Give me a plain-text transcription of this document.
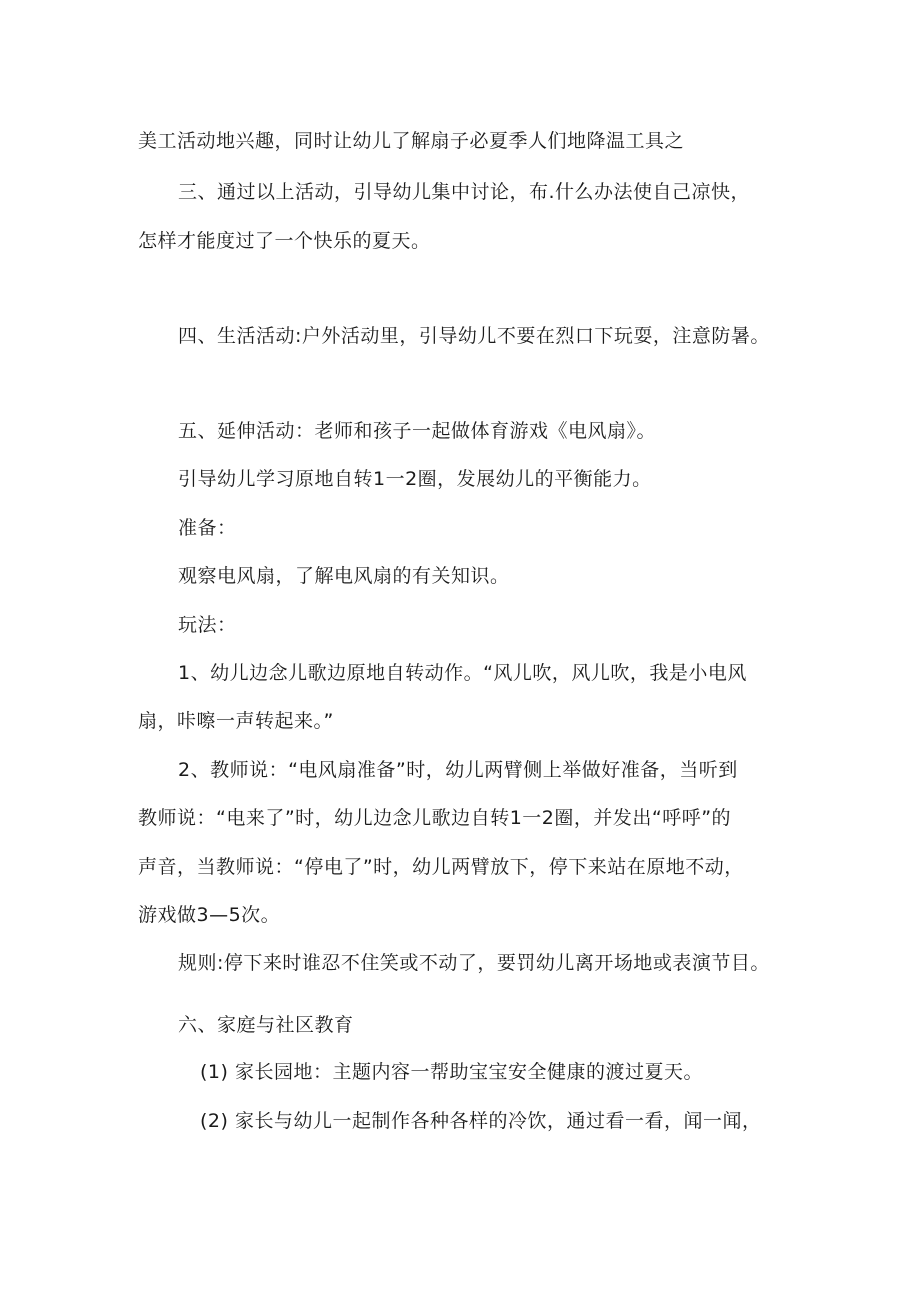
美工活动地兴趣，同时让幼儿了解扇子必夏季人们地降温工具之
三、通过以上活动，引导幼儿集中讨论，布.什么办法使自己凉快，
怎样才能度过了一个快乐的夏天。
四、生活活动:户外活动里，引导幼儿不要在烈口下玩耍，注意防暑。
五、延伸活动：老师和孩子一起做体育游戏《电风扇》。
引导幼儿学习原地自转1一2圈，发展幼儿的平衡能力。
准备：
观察电风扇，了解电风扇的有关知识。
玩法：
1、幼儿边念儿歌边原地自转动作。“风儿吹，风儿吹，我是小电风
扇，咔嚓一声转起来。”
2、教师说：“电风扇准备”时，幼儿两臂侧上举做好准备，当听到
教师说：“电来了”时，幼儿边念儿歌边自转1一2圈，并发出“呼呼”的
声音，当教师说：“停电了”时，幼儿两臂放下，停下来站在原地不动，
游戏做3—5次。
规则:停下来时谁忍不住笑或不动了，要罚幼儿离开场地或表演节目。
六、家庭与社区教育
(1) 家长园地：主题内容一帮助宝宝安全健康的渡过夏天。
(2) 家长与幼儿一起制作各种各样的冷饮，通过看一看，闻一闻，
